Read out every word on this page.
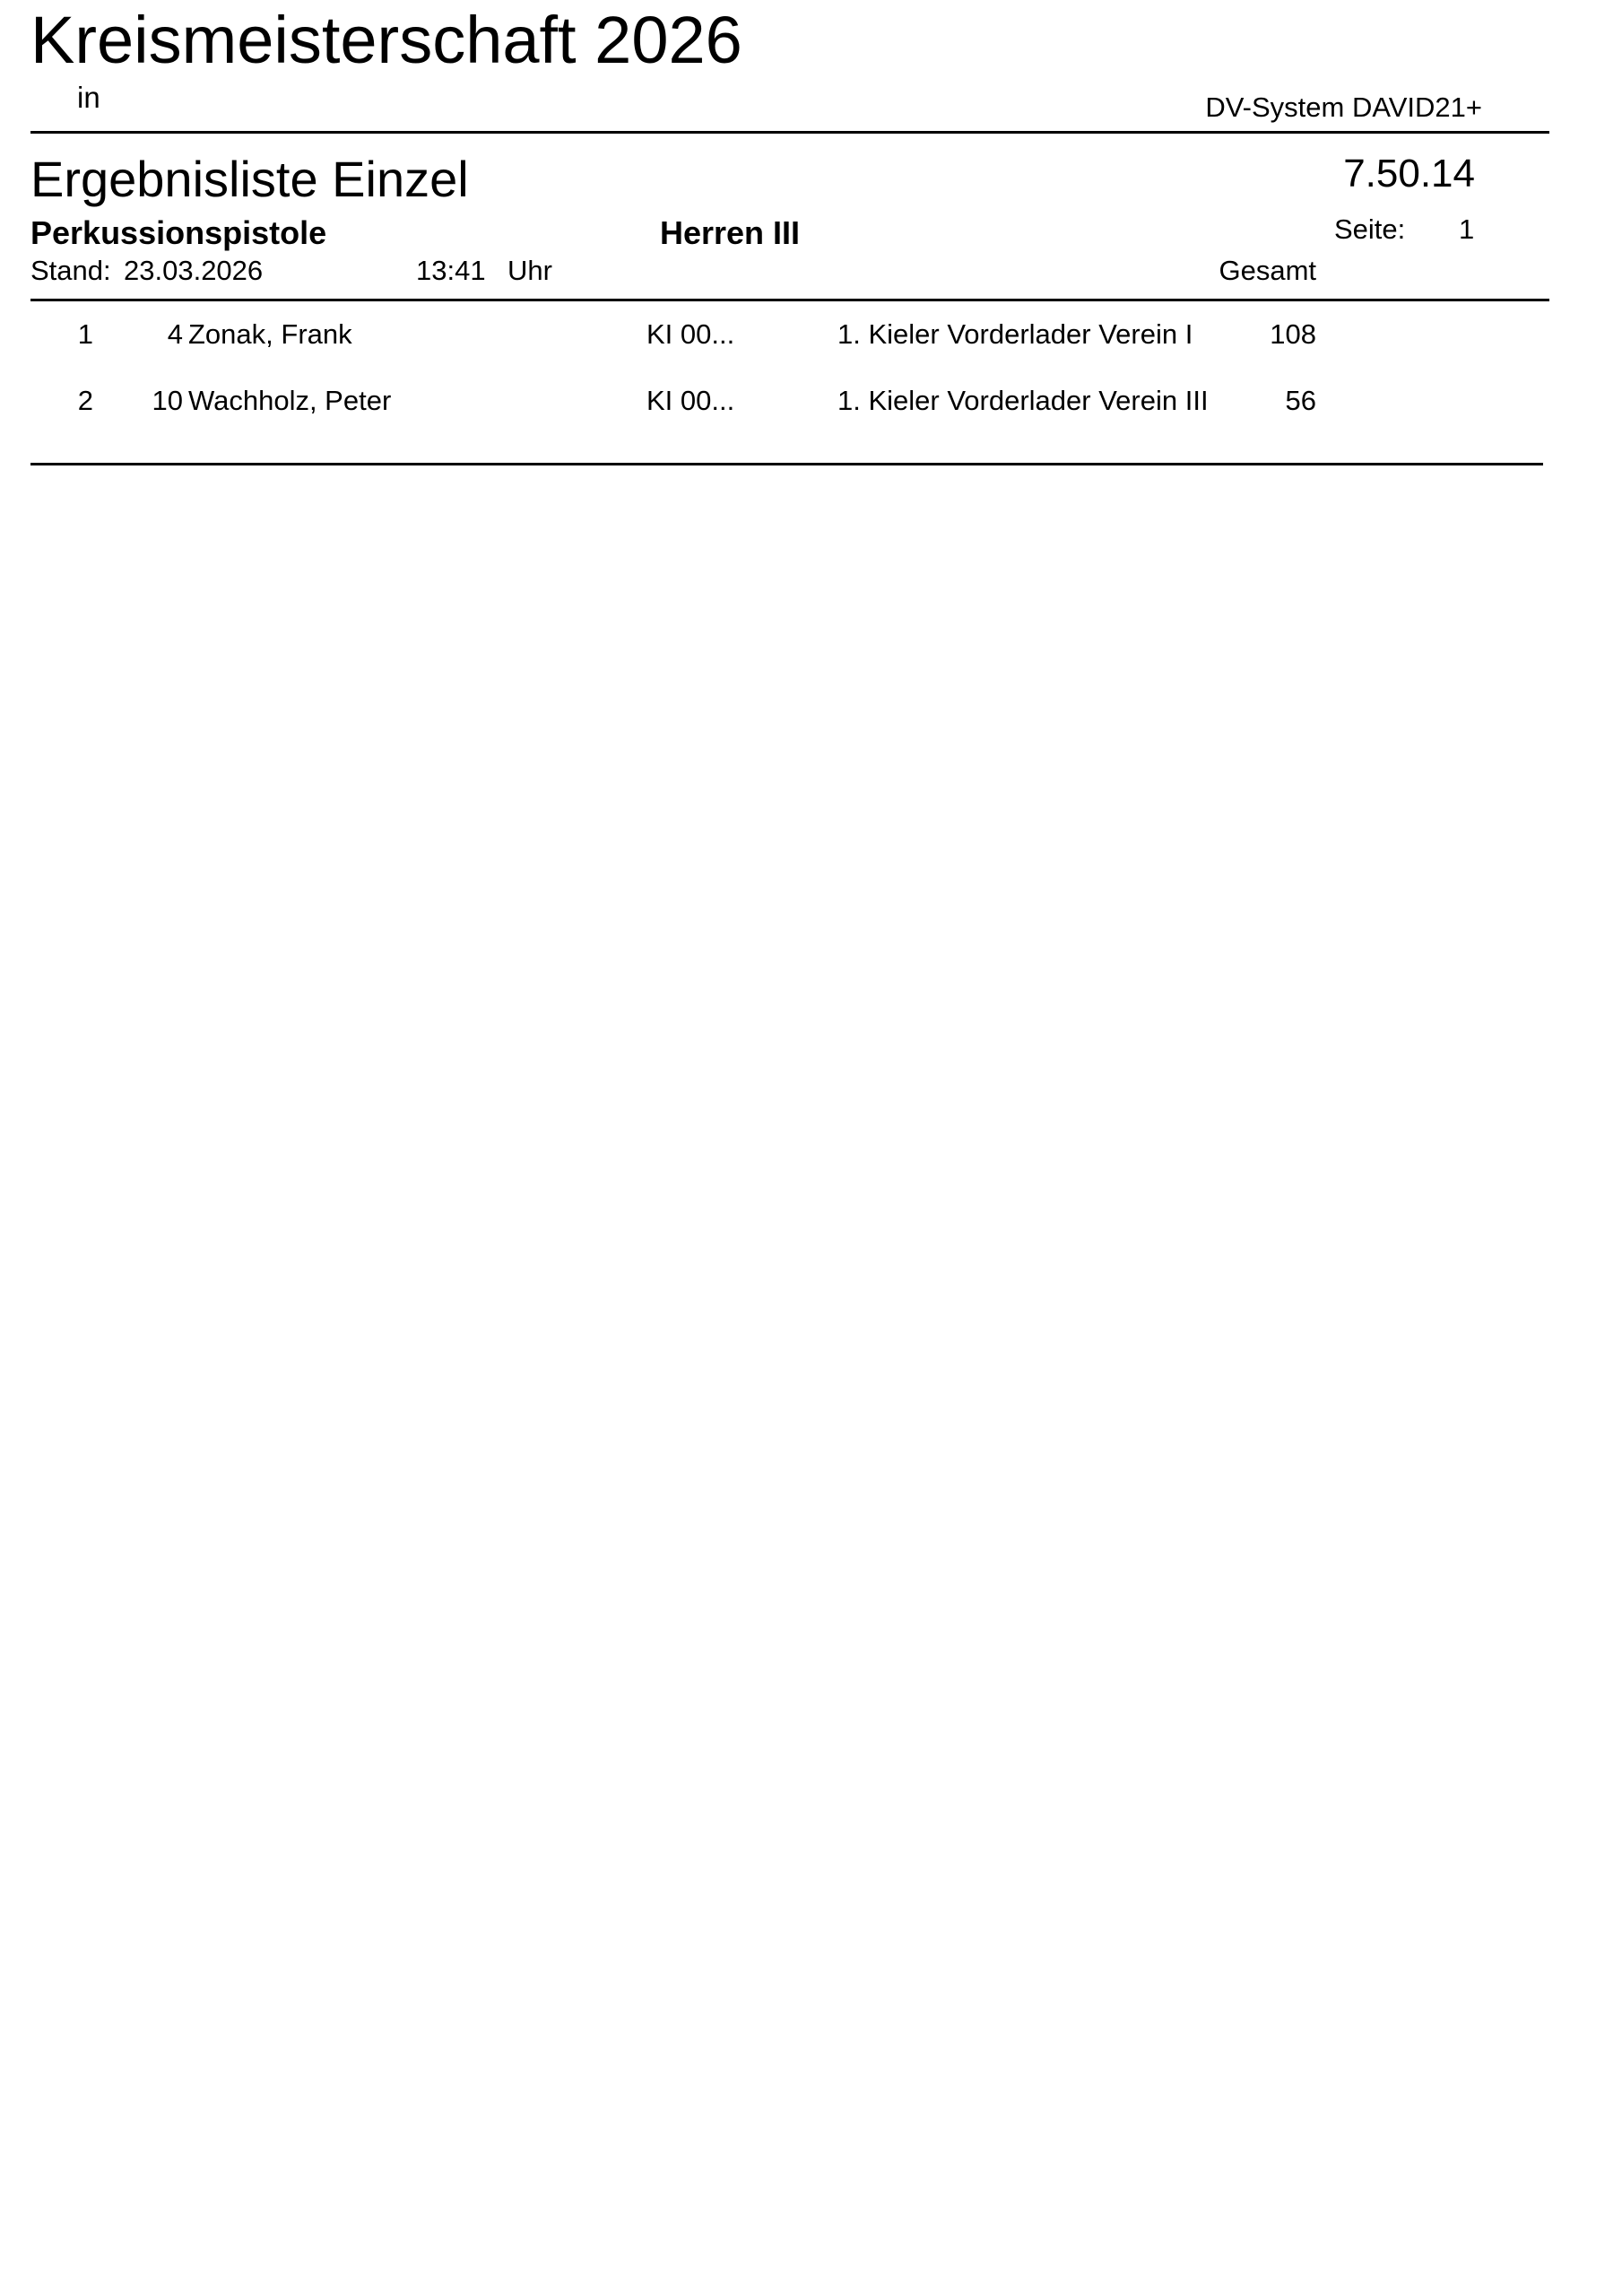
Kreismeisterschaft 2026
in	DV-System DAVID21+
Ergebnisliste Einzel	7.50.14
Perkussionspistole	Herren III	Seite: 1
Stand: 23.03.2026	13:41 Uhr	Gesamt
1	4 Zonak, Frank	KI 00...	1. Kieler Vorderlader Verein I	108
2	10 Wachholz, Peter	KI 00...	1. Kieler Vorderlader Verein III	56
